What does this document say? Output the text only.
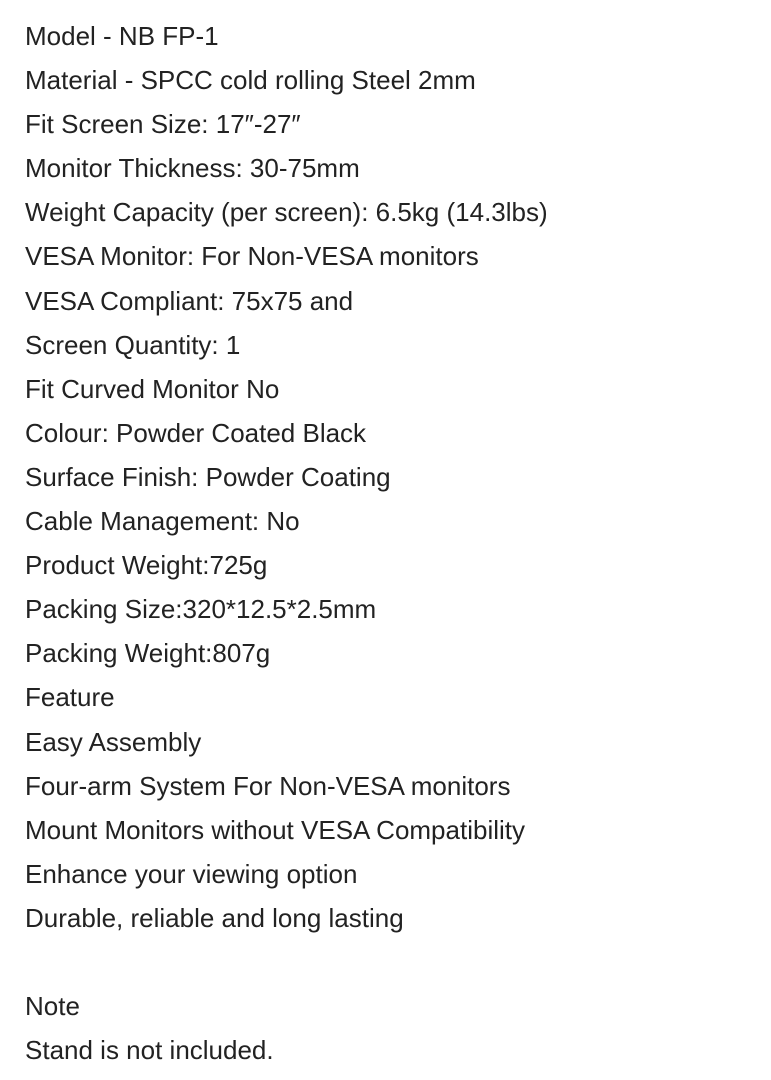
Model - NB FP-1
Material - SPCC cold rolling Steel 2mm
Fit Screen Size: 17″-27″
Monitor Thickness: 30-75mm
Weight Capacity (per screen): 6.5kg (14.3lbs)
VESA Monitor: For Non-VESA monitors
VESA Compliant: 75x75 and
Screen Quantity: 1
Fit Curved Monitor No
Colour: Powder Coated Black
Surface Finish: Powder Coating
Cable Management: No
Product Weight:725g
Packing Size:320*12.5*2.5mm
Packing Weight:807g
Feature
Easy Assembly
Four-arm System For Non-VESA monitors
Mount Monitors without VESA Compatibility
Enhance your viewing option
Durable, reliable and long lasting
Note
Stand is not included.
